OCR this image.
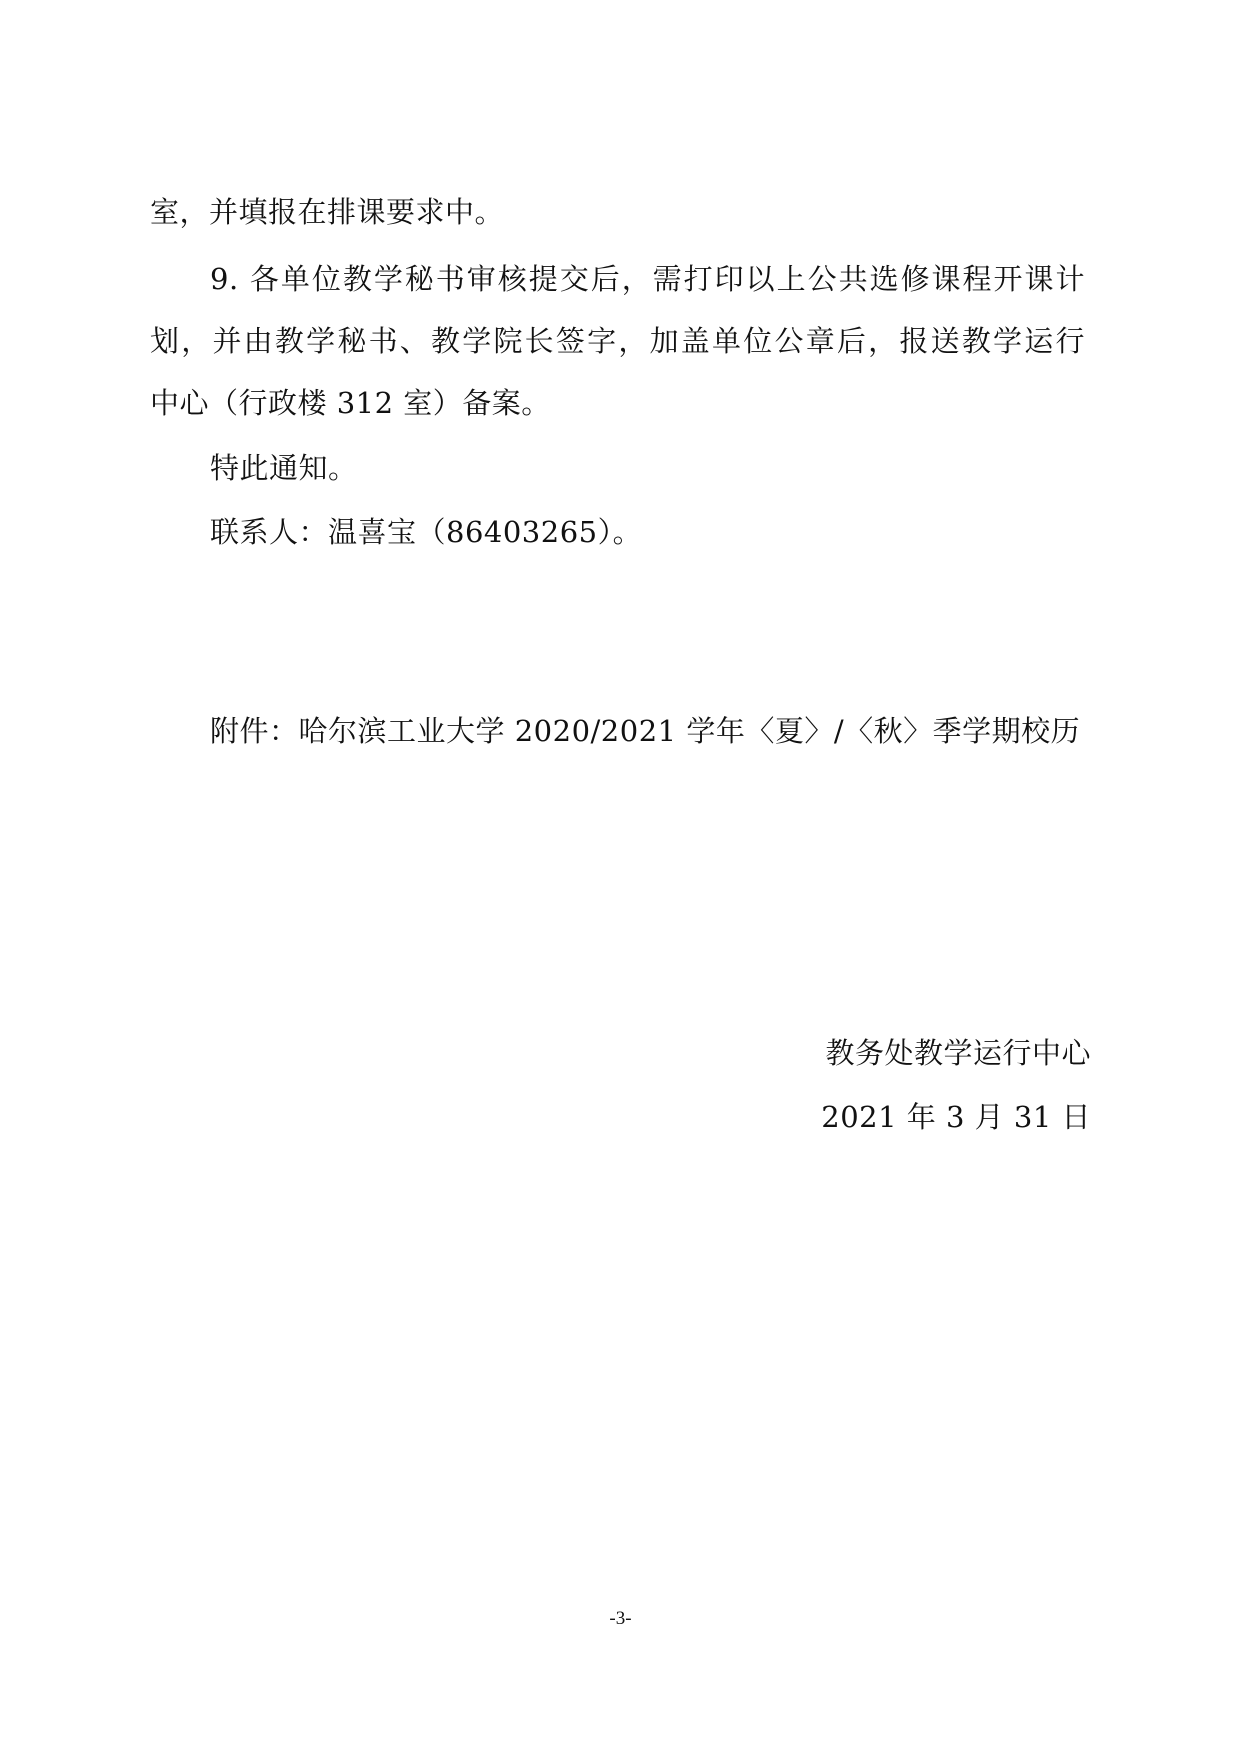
室，并填报在排课要求中。
9. 各单位教学秘书审核提交后，需打印以上公共选修课程开课计
划，并由教学秘书、教学院长签字，加盖单位公章后，报送教学运行
中心（行政楼 312 室）备案。
特此通知。
联系人：温喜宝（86403265）。
附件：哈尔滨工业大学 2020/2021 学年〈夏〉/〈秋〉季学期校历
教务处教学运行中心
2021 年 3 月 31 日
-3-
